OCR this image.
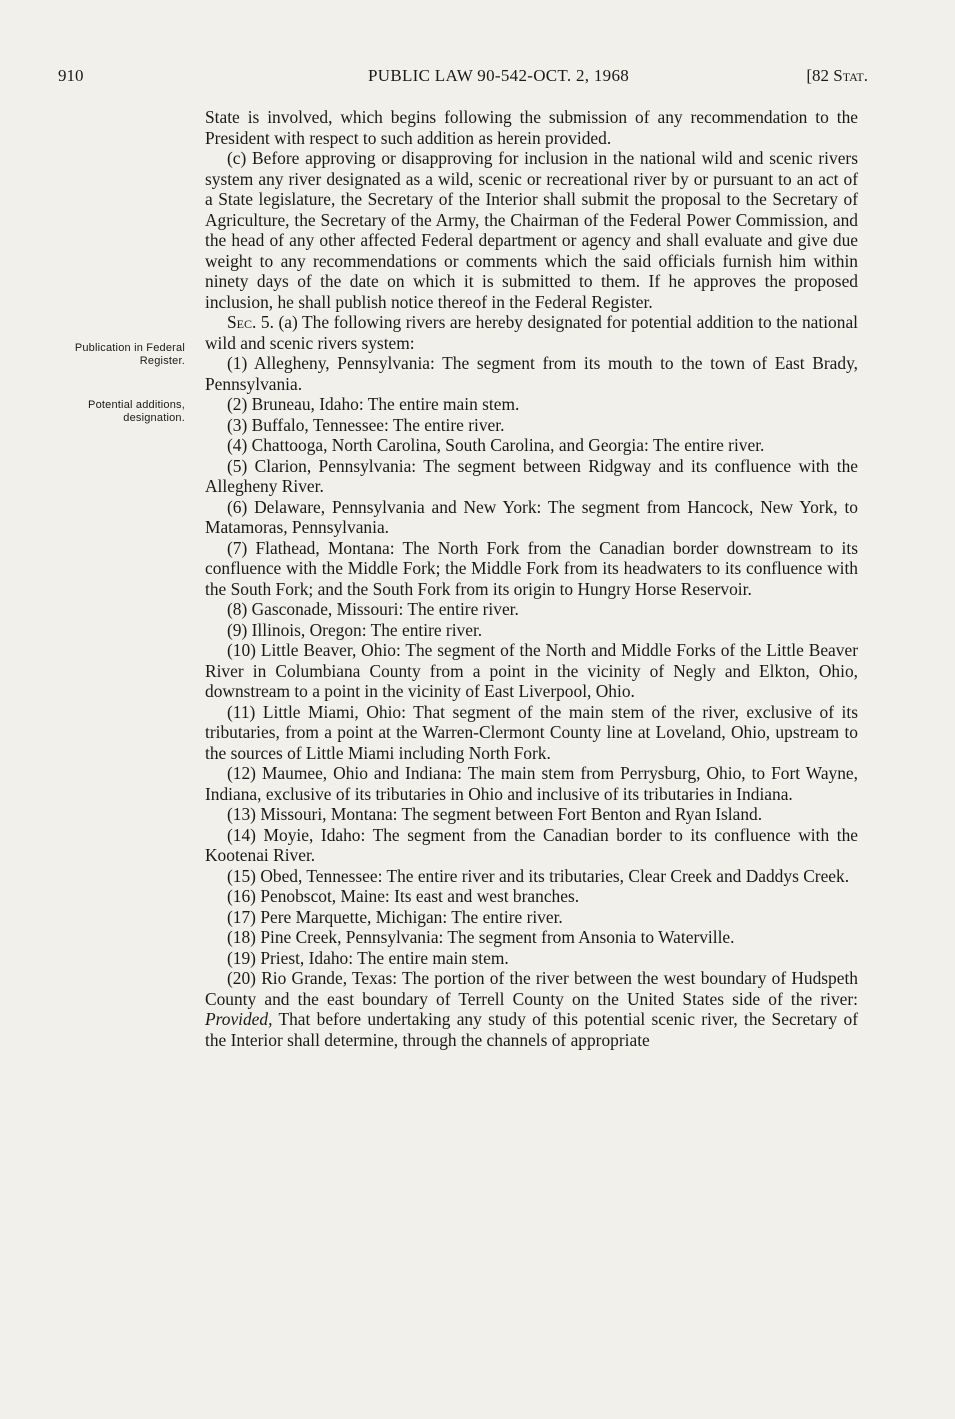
910	PUBLIC LAW 90-542-OCT. 2, 1968	[82 Stat.
Publication in Federal Register.
Potential additions, designation.

State is involved, which begins following the submission of any recommendation to the President with respect to such addition as herein provided.

(c) Before approving or disapproving for inclusion in the national wild and scenic rivers system any river designated as a wild, scenic or recreational river by or pursuant to an act of a State legislature, the Secretary of the Interior shall submit the proposal to the Secretary of Agriculture, the Secretary of the Army, the Chairman of the Federal Power Commission, and the head of any other affected Federal department or agency and shall evaluate and give due weight to any recommendations or comments which the said officials furnish him within ninety days of the date on which it is submitted to them. If he approves the proposed inclusion, he shall publish notice thereof in the Federal Register.

Sec. 5. (a) The following rivers are hereby designated for potential addition to the national wild and scenic rivers system:

(1) Allegheny, Pennsylvania: The segment from its mouth to the town of East Brady, Pennsylvania.

(2) Bruneau, Idaho: The entire main stem.

(3) Buffalo, Tennessee: The entire river.

(4) Chattooga, North Carolina, South Carolina, and Georgia: The entire river.

(5) Clarion, Pennsylvania: The segment between Ridgway and its confluence with the Allegheny River.

(6) Delaware, Pennsylvania and New York: The segment from Hancock, New York, to Matamoras, Pennsylvania.

(7) Flathead, Montana: The North Fork from the Canadian border downstream to its confluence with the Middle Fork; the Middle Fork from its headwaters to its confluence with the South Fork; and the South Fork from its origin to Hungry Horse Reservoir.

(8) Gasconade, Missouri: The entire river.

(9) Illinois, Oregon: The entire river.

(10) Little Beaver, Ohio: The segment of the North and Middle Forks of the Little Beaver River in Columbiana County from a point in the vicinity of Negly and Elkton, Ohio, downstream to a point in the vicinity of East Liverpool, Ohio.

(11) Little Miami, Ohio: That segment of the main stem of the river, exclusive of its tributaries, from a point at the Warren-Clermont County line at Loveland, Ohio, upstream to the sources of Little Miami including North Fork.

(12) Maumee, Ohio and Indiana: The main stem from Perrysburg, Ohio, to Fort Wayne, Indiana, exclusive of its tributaries in Ohio and inclusive of its tributaries in Indiana.

(13) Missouri, Montana: The segment between Fort Benton and Ryan Island.

(14) Moyie, Idaho: The segment from the Canadian border to its confluence with the Kootenai River.

(15) Obed, Tennessee: The entire river and its tributaries, Clear Creek and Daddys Creek.

(16) Penobscot, Maine: Its east and west branches.

(17) Pere Marquette, Michigan: The entire river.

(18) Pine Creek, Pennsylvania: The segment from Ansonia to Waterville.

(19) Priest, Idaho: The entire main stem.

(20) Rio Grande, Texas: The portion of the river between the west boundary of Hudspeth County and the east boundary of Terrell County on the United States side of the river: Provided, That before undertaking any study of this potential scenic river, the Secretary of the Interior shall determine, through the channels of appropriate
